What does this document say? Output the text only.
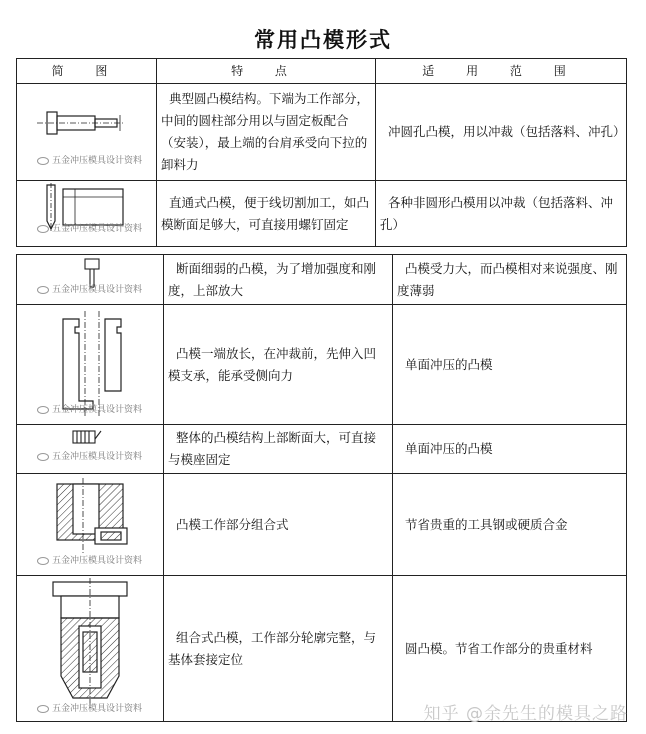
常用凸模形式
简 图	特 点	适 用 范 围

五金冲压模具设计资料	典型圆凸模结构。下端为工作部分，中间的圆柱部分用以与固定板配合（安装），最上端的台肩承受向下拉的卸料力	冲圆孔凸模，用以冲裁（包括落料、冲孔）

五金冲压模具设计资料	直通式凸模，便于线切割加工，如凸模断面足够大，可直接用螺钉固定	各种非圆形凸模用以冲裁（包括落料、冲孔）
五金冲压模具设计资料	断面细弱的凸模，为了增加强度和刚度，上部放大	凸模受力大，而凸模相对来说强度、刚度薄弱

五金冲压模具设计资料	凸模一端放长，在冲裁前，先伸入凹模支承，能承受侧向力	单面冲压的凸模

五金冲压模具设计资料	整体的凸模结构上部断面大，可直接与模座固定	单面冲压的凸模

五金冲压模具设计资料	凸模工作部分组合式	节省贵重的工具钢或硬质合金

五金冲压模具设计资料	组合式凸模，工作部分轮廓完整，与基体套接定位	圆凸模。节省工作部分的贵重材料
知乎 @余先生的模具之路
